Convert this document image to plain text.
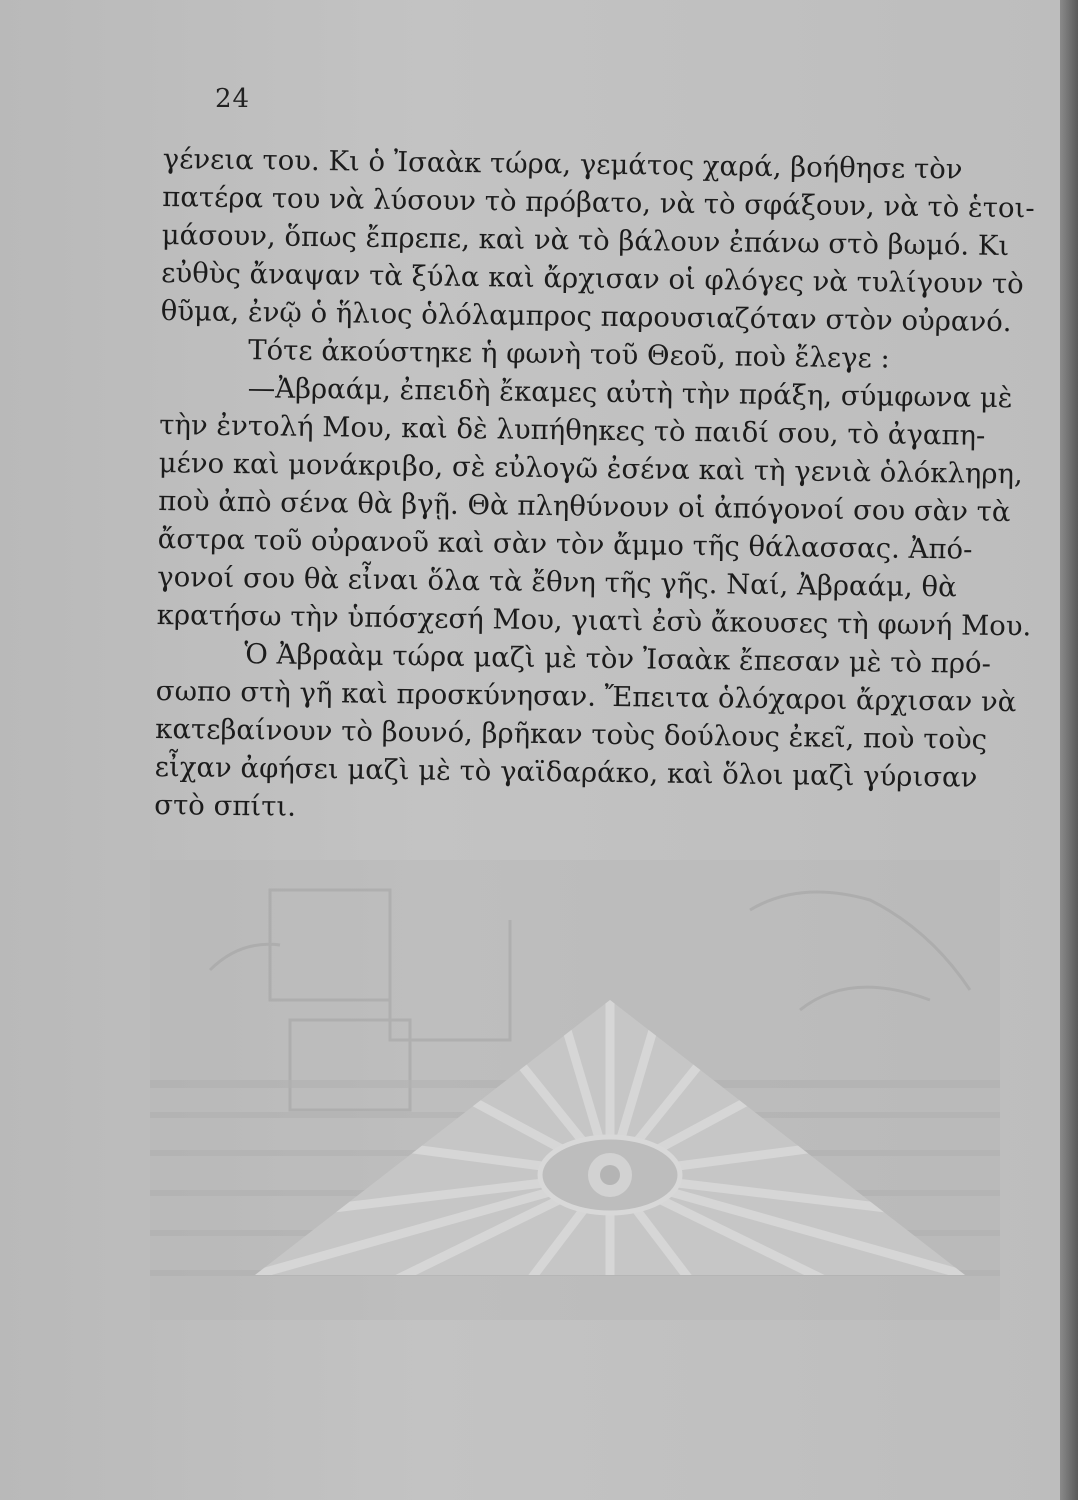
24

γένεια του. Κι ὁ Ἰσαὰκ τώρα, γεμάτος χαρά, βοήθησε τὸν
πατέρα του νὰ λύσουν τὸ πρόβατο, νὰ τὸ σφάξουν, νὰ τὸ ἑτοι-
μάσουν, ὅπως ἔπρεπε, καὶ νὰ τὸ βάλουν ἐπάνω στὸ βωμό. Κι
εὐθὺς ἄναψαν τὰ ξύλα καὶ ἄρχισαν οἱ φλόγες νὰ τυλίγουν τὸ
θῦμα, ἐνῷ ὁ ἥλιος ὁλόλαμπρος παρουσιαζόταν στὸν οὐρανό.

Τότε ἀκούστηκε ἡ φωνὴ τοῦ Θεοῦ, ποὺ ἔλεγε :

—Ἀβραάμ, ἐπειδὴ ἔκαμες αὐτὴ τὴν πράξη, σύμφωνα μὲ
τὴν ἐντολή Μου, καὶ δὲ λυπήθηκες τὸ παιδί σου, τὸ ἀγαπη-
μένο καὶ μονάκριβο, σὲ εὐλογῶ ἐσένα καὶ τὴ γενιὰ ὁλόκληρη,
ποὺ ἀπὸ σένα θὰ βγῇ. Θὰ πληθύνουν οἱ ἀπόγονοί σου σὰν τὰ
ἄστρα τοῦ οὐρανοῦ καὶ σὰν τὸν ἄμμο τῆς θάλασσας. Ἀπό-
γονοί σου θὰ εἶναι ὅλα τὰ ἔθνη τῆς γῆς. Ναί, Ἀβραάμ, θὰ
κρατήσω τὴν ὑπόσχεσή Μου, γιατὶ ἐσὺ ἄκουσες τὴ φωνή Μου.

Ὁ Ἀβραὰμ τώρα μαζὶ μὲ τὸν Ἰσαὰκ ἔπεσαν μὲ τὸ πρό-
σωπο στὴ γῆ καὶ προσκύνησαν. Ἔπειτα ὁλόχαροι ἄρχισαν νὰ
κατεβαίνουν τὸ βουνό, βρῆκαν τοὺς δούλους ἐκεῖ, ποὺ τοὺς
εἶχαν ἀφήσει μαζὶ μὲ τὸ γαϊδαράκο, καὶ ὅλοι μαζὶ γύρισαν
στὸ σπίτι.
